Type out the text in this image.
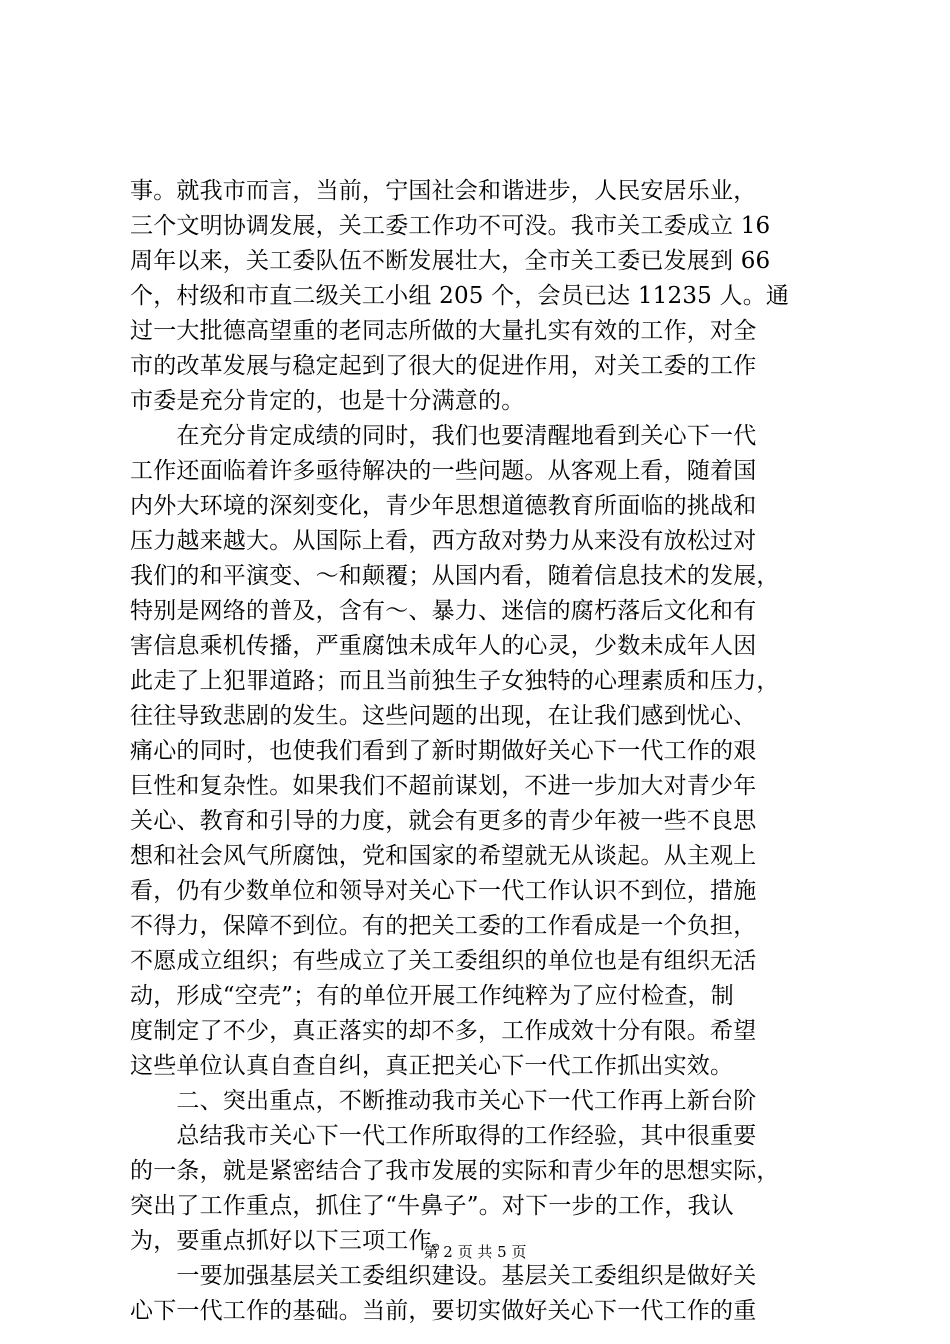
事。就我市而言，当前，宁国社会和谐进步，人民安居乐业，
三个文明协调发展，关工委工作功不可没。我市关工委成立 16
周年以来，关工委队伍不断发展壮大，全市关工委已发展到 66
个，村级和市直二级关工小组 205 个，会员已达 11235 人。通
过一大批德高望重的老同志所做的大量扎实有效的工作，对全
市的改革发展与稳定起到了很大的促进作用，对关工委的工作
市委是充分肯定的，也是十分满意的。
　　在充分肯定成绩的同时，我们也要清醒地看到关心下一代
工作还面临着许多亟待解决的一些问题。从客观上看，随着国
内外大环境的深刻变化，青少年思想道德教育所面临的挑战和
压力越来越大。从国际上看，西方敌对势力从来没有放松过对
我们的和平演变、～和颠覆；从国内看，随着信息技术的发展，
特别是网络的普及，含有～、暴力、迷信的腐朽落后文化和有
害信息乘机传播，严重腐蚀未成年人的心灵，少数未成年人因
此走了上犯罪道路；而且当前独生子女独特的心理素质和压力，
往往导致悲剧的发生。这些问题的出现，在让我们感到忧心、
痛心的同时，也使我们看到了新时期做好关心下一代工作的艰
巨性和复杂性。如果我们不超前谋划，不进一步加大对青少年
关心、教育和引导的力度，就会有更多的青少年被一些不良思
想和社会风气所腐蚀，党和国家的希望就无从谈起。从主观上
看，仍有少数单位和领导对关心下一代工作认识不到位，措施
不得力，保障不到位。有的把关工委的工作看成是一个负担，
不愿成立组织；有些成立了关工委组织的单位也是有组织无活
动，形成“空壳”；有的单位开展工作纯粹为了应付检查，制
度制定了不少，真正落实的却不多，工作成效十分有限。希望
这些单位认真自查自纠，真正把关心下一代工作抓出实效。
　　二、突出重点，不断推动我市关心下一代工作再上新台阶
　　总结我市关心下一代工作所取得的工作经验，其中很重要
的一条，就是紧密结合了我市发展的实际和青少年的思想实际，
突出了工作重点，抓住了“牛鼻子”。对下一步的工作，我认
为，要重点抓好以下三项工作。
　　一要加强基层关工委组织建设。基层关工委组织是做好关
心下一代工作的基础。当前，要切实做好关心下一代工作的重
第 2 页 共 5 页
